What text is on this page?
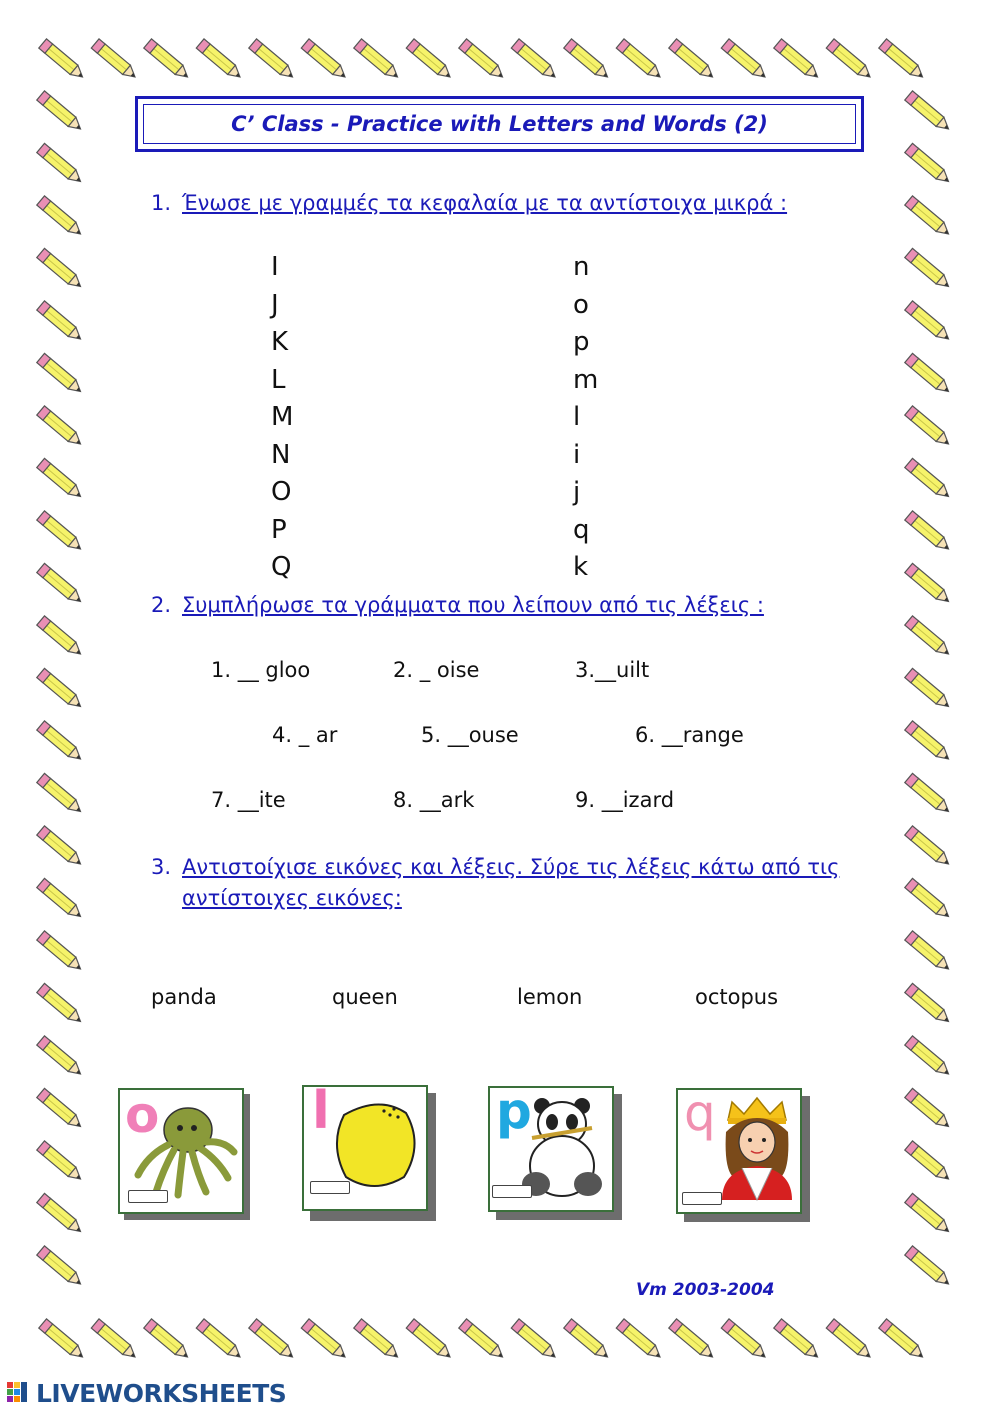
C’ Class - Practice with Letters and Words (2)
1. Ένωσε με γραμμές τα κεφαλαία με τα αντίστοιχα μικρά :
I
J
K
L
M
N
O
P
Q
n
o
p
m
l
i
j
q
k
2. Συμπλήρωσε τα γράμματα που λείπουν από τις λέξεις :
1. __ gloo	2. _ oise	3.__uilt
4. _ ar	5. __ouse	6. __range
7. __ite	8. __ark	9. __izard
3. Αντιστοίχισε εικόνες και λέξεις. Σύρε τις λέξεις κάτω από τις
αντίστοιχες εικόνες:
panda	queen	lemon	octopus
o	l	p	q
Vm 2003-2004
LIVEWORKSHEETS
